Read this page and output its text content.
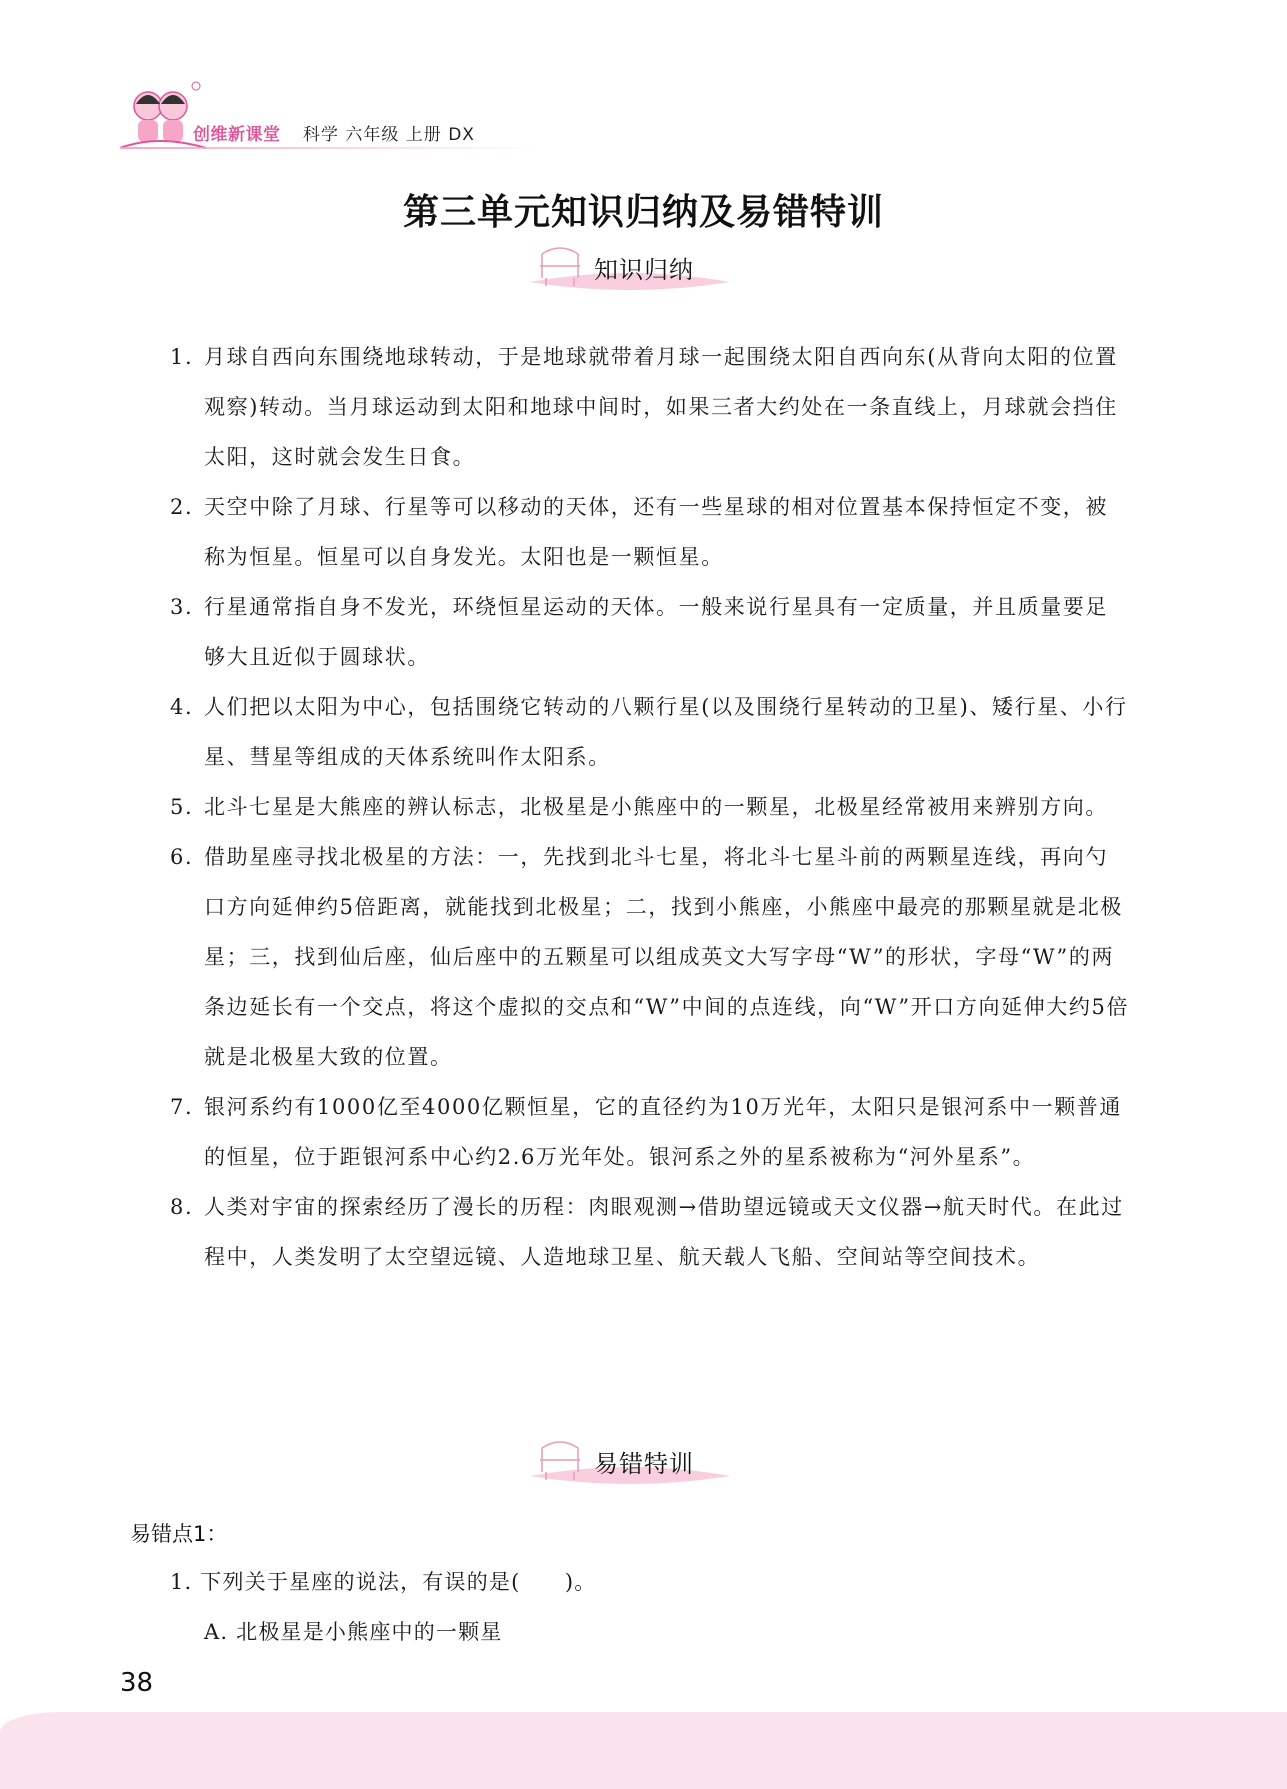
创维新课堂 科学 六年级 上册 DX
第三单元知识归纳及易错特训
知识归纳
1. 月球自西向东围绕地球转动，于是地球就带着月球一起围绕太阳自西向东(从背向太阳的位置观察)转动。当月球运动到太阳和地球中间时，如果三者大约处在一条直线上，月球就会挡住太阳，这时就会发生日食。
2. 天空中除了月球、行星等可以移动的天体，还有一些星球的相对位置基本保持恒定不变，被称为恒星。恒星可以自身发光。太阳也是一颗恒星。
3. 行星通常指自身不发光，环绕恒星运动的天体。一般来说行星具有一定质量，并且质量要足够大且近似于圆球状。
4. 人们把以太阳为中心，包括围绕它转动的八颗行星(以及围绕行星转动的卫星)、矮行星、小行星、彗星等组成的天体系统叫作太阳系。
5. 北斗七星是大熊座的辨认标志，北极星是小熊座中的一颗星，北极星经常被用来辨别方向。
6. 借助星座寻找北极星的方法：一，先找到北斗七星，将北斗七星斗前的两颗星连线，再向勺口方向延伸约5倍距离，就能找到北极星；二，找到小熊座，小熊座中最亮的那颗星就是北极星；三，找到仙后座，仙后座中的五颗星可以组成英文大写字母“W”的形状，字母“W”的两条边延长有一个交点，将这个虚拟的交点和“W”中间的点连线，向“W”开口方向延伸大约5倍就是北极星大致的位置。
7. 银河系约有1000亿至4000亿颗恒星，它的直径约为10万光年，太阳只是银河系中一颗普通的恒星，位于距银河系中心约2.6万光年处。银河系之外的星系被称为“河外星系”。
8. 人类对宇宙的探索经历了漫长的历程：肉眼观测→借助望远镜或天文仪器→航天时代。在此过程中，人类发明了太空望远镜、人造地球卫星、航天载人飞船、空间站等空间技术。
易错特训
易错点1：
1. 下列关于星座的说法，有误的是(　　)。
A. 北极星是小熊座中的一颗星
38
